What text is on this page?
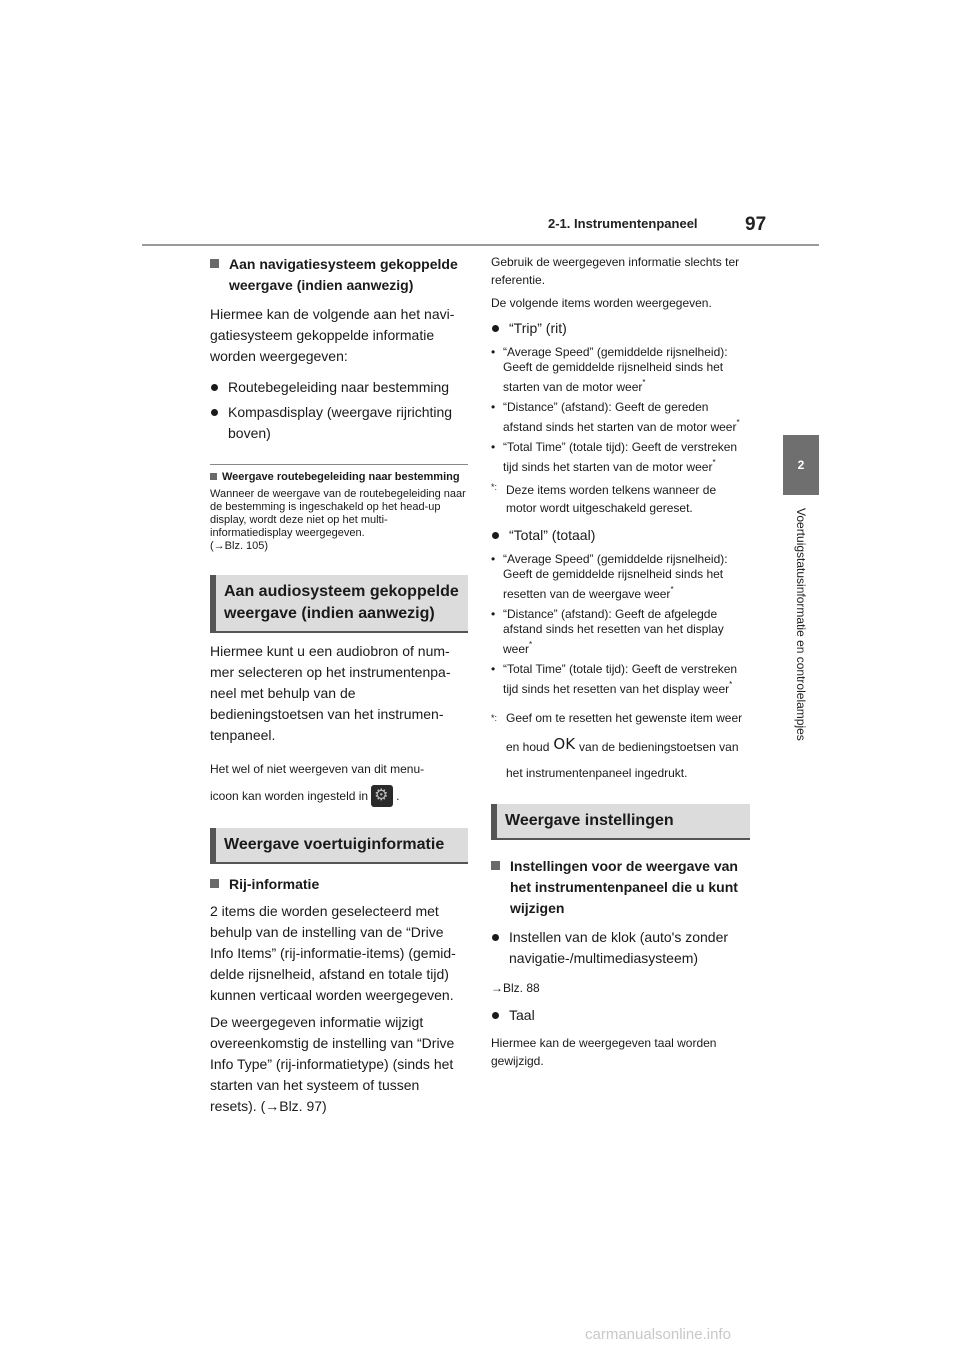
2-1. Instrumentenpaneel 97
2
Voertuigstatusinformatie en controlelampjes

Aan navigatiesysteem gekoppelde weergave (indien aanwezig)

Hiermee kan de volgende aan het navigatiesysteem gekoppelde informatie worden weergegeven:

Routebegeleiding naar bestemming

Kompasdisplay (weergave rijrichting boven)

Weergave routebegeleiding naar bestemming

Wanneer de weergave van de routebegeleiding naar de bestemming is ingeschakeld op het head-up display, wordt deze niet op het multi-informatiedisplay weergegeven.

(→Blz. 105)

Aan audiosysteem gekoppelde weergave (indien aanwezig)

Hiermee kunt u een audiobron of nummer selecteren op het instrumentenpaneel met behulp van de bedieningstoetsen van het instrumentenpaneel.

Het wel of niet weergeven van dit menu-
icoon kan worden ingesteld in⚙ .

Weergave voertuiginformatie

Rij-informatie

2 items die worden geselecteerd met behulp van de instelling van de “Drive Info Items” (rij-informatie-items) (gemiddelde rijsnelheid, afstand en totale tijd) kunnen verticaal worden weergegeven.

De weergegeven informatie wijzigt overeenkomstig de instelling van “Drive Info Type” (rij-informatietype) (sinds het starten van het systeem of tussen resets). (→Blz. 97)

Gebruik de weergegeven informatie slechts ter referentie.

De volgende items worden weergegeven.

“Trip” (rit)

• “Average Speed” (gemiddelde rijsnelheid): Geeft de gemiddelde rijsnelheid sinds het starten van de motor weer*

• “Distance” (afstand): Geeft de gereden afstand sinds het starten van de motor weer*

• “Total Time” (totale tijd): Geeft de verstreken tijd sinds het starten van de motor weer*

*: Deze items worden telkens wanneer de motor wordt uitgeschakeld gereset.

“Total” (totaal)

• “Average Speed” (gemiddelde rijsnelheid): Geeft de gemiddelde rijsnelheid sinds het resetten van de weergave weer*

• “Distance” (afstand): Geeft de afgelegde afstand sinds het resetten van het display weer*

• “Total Time” (totale tijd): Geeft de verstreken tijd sinds het resetten van het display weer*

*: Geef om te resetten het gewenste item weer en houd OK van de bedieningstoetsen van het instrumentenpaneel ingedrukt.

Weergave instellingen

Instellingen voor de weergave van het instrumentenpaneel die u kunt wijzigen

Instellen van de klok (auto's zonder navigatie-/multimediasysteem)

→Blz. 88

Taal

Hiermee kan de weergegeven taal worden gewijzigd.

carmanualsonline.info
